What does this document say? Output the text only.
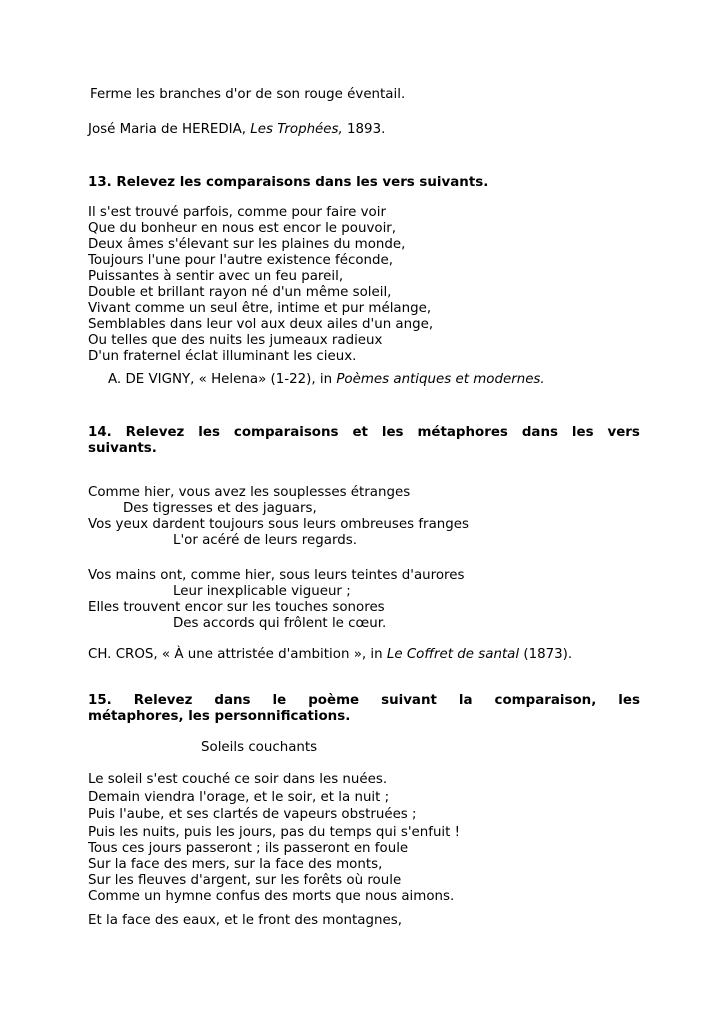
Ferme les branches d'or de son rouge éventail.
José Maria de HEREDIA, Les Trophées, 1893.
13. Relevez les comparaisons dans les vers suivants.
Il s'est trouvé parfois, comme pour faire voir
Que du bonheur en nous est encor le pouvoir,
Deux âmes s'élevant sur les plaines du monde,
Toujours l'une pour l'autre existence féconde,
Puissantes à sentir avec un feu pareil,
Double et brillant rayon né d'un même soleil,
Vivant comme un seul être, intime et pur mélange,
Semblables dans leur vol aux deux ailes d'un ange,
Ou telles que des nuits les jumeaux radieux
D'un fraternel éclat illuminant les cieux.
A. DE VIGNY, « Helena» (1-22), in Poèmes antiques et modernes.
14. Relevez les comparaisons et les métaphores dans les vers
suivants.
Comme hier, vous avez les souplesses étranges
Des tigresses et des jaguars,
Vos yeux dardent toujours sous leurs ombreuses franges
L'or acéré de leurs regards.
Vos mains ont, comme hier, sous leurs teintes d'aurores
Leur inexplicable vigueur ;
Elles trouvent encor sur les touches sonores
Des accords qui frôlent le cœur.
CH. CROS, « À une attristée d'ambition », in Le Coffret de santal (1873).
15. Relevez dans le poème suivant la comparaison, les
métaphores, les personnifications.
Soleils couchants
Le soleil s'est couché ce soir dans les nuées.
Demain viendra l'orage, et le soir, et la nuit ;
Puis l'aube, et ses clartés de vapeurs obstruées ;
Puis les nuits, puis les jours, pas du temps qui s'enfuit !
Tous ces jours passeront ; ils passeront en foule
Sur la face des mers, sur la face des monts,
Sur les fleuves d'argent, sur les forêts où roule
Comme un hymne confus des morts que nous aimons.
Et la face des eaux, et le front des montagnes,
